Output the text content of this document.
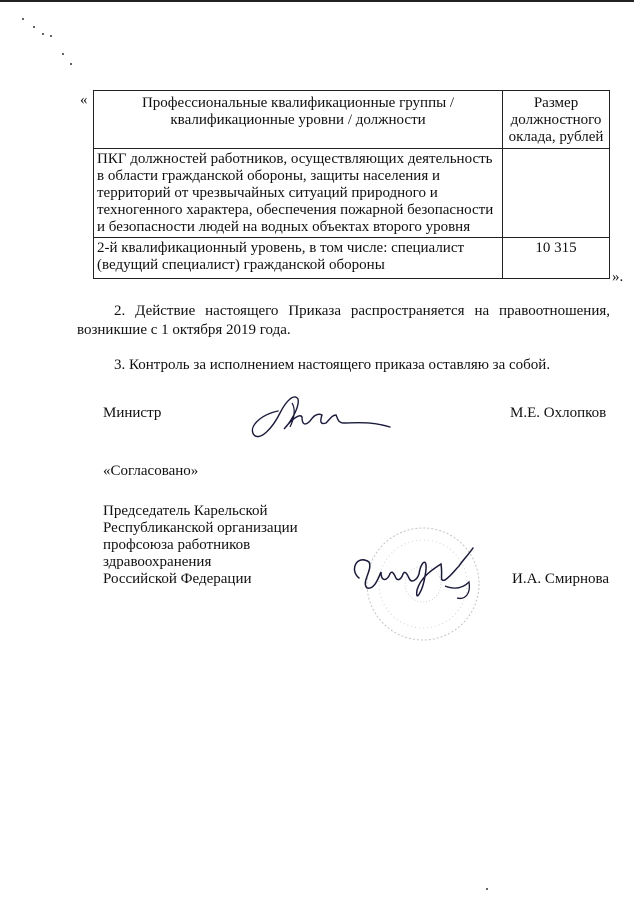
«	Профессиональные квалификационные группы / квалификационные уровни / должности	Размер должностного оклада, рублей
ПКГ должностей работников, осуществляющих деятельность в области гражданской обороны, защиты населения и территорий от чрезвычайных ситуаций природного и техногенного характера, обеспечения пожарной безопасности и безопасности людей на водных объектах второго уровня	
2-й квалификационный уровень, в том числе: специалист (ведущий специалист) гражданской обороны	10 315
».

2. Действие настоящего Приказа распространяется на правоотношения, возникшие с 1 октября 2019 года.

3. Контроль за исполнением настоящего приказа оставляю за собой.

Министр	М.Е. Охлопков
«Согласовано»
Председатель Карельской
Республиканской организации
профсоюза работников
здравоохранения
Российской Федерации	И.А. Смирнова
